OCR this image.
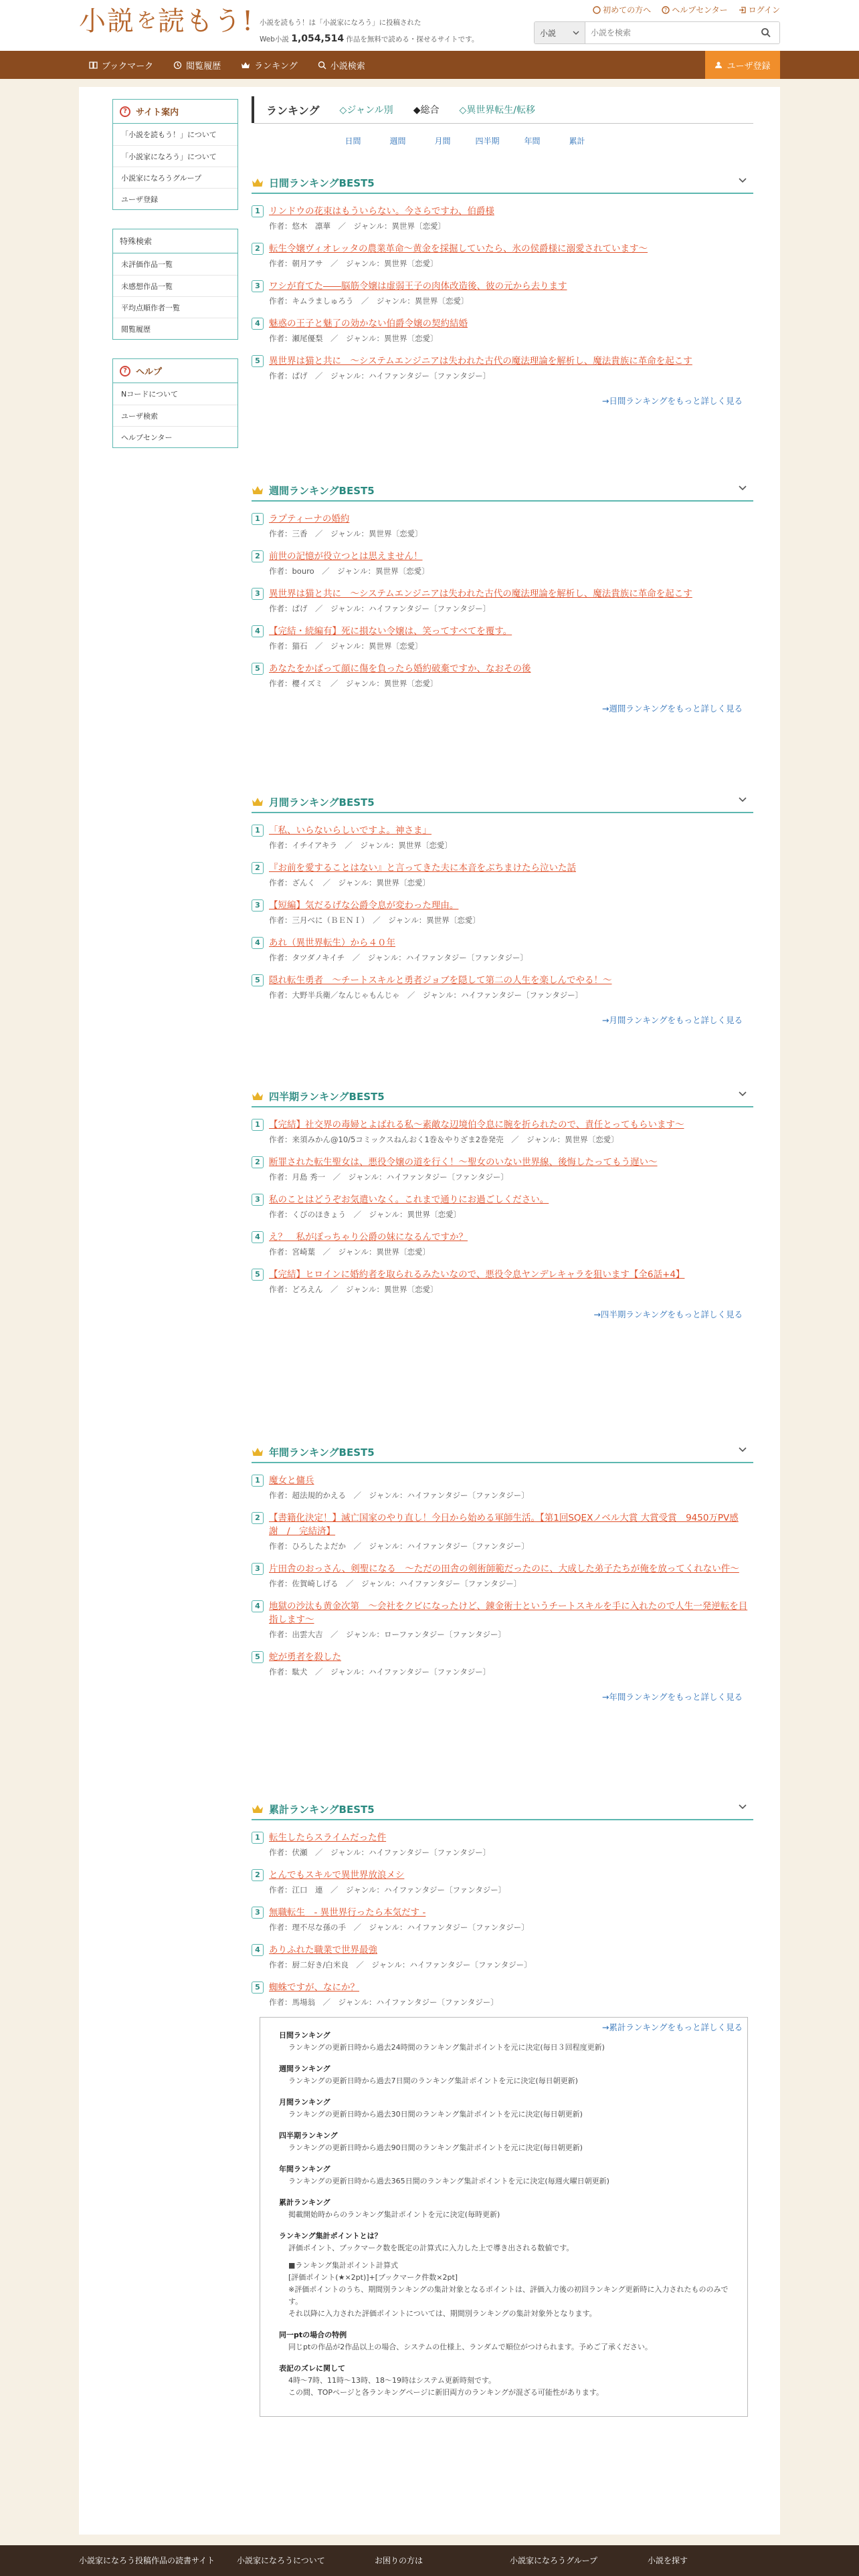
小説 を 読もう! 小説を読もう！は「小説家になろう」に投稿された
Web小説 1,054,514 作品を無料で読める・探せるサイトです。
初めての方へ ? ヘルプセンター	ログイン
小説
小説を検索
ブックマーク	閲覧履歴	ランキング	小説検索	ユーザ登録
?	サイト案内
「小説を読もう！」について
「小説家になろう」について
小説家になろうグループ
ユーザ登録
特殊検索
未評価作品一覧
未感想作品一覧
平均点順作者一覧
閲覧履歴
?	ヘルプ
Nコードについて
ユーザ検索
ヘルプセンター
ランキング ◇ジャンル別 ◆総合 ◇異世界転生/転移
日間	週間	月間	四半期	年間	累計
日間ランキングBEST5
1 リンドウの花束はもういらない。今さらですわ、伯爵様
作者：悠木　凛華　／　ジャンル：異世界〔恋愛〕
2 転生令嬢ヴィオレッタの農業革命～黄金を採掘していたら、氷の侯爵様に溺愛されています～
作者：朝月アサ　／　ジャンル：異世界〔恋愛〕
3 ワシが育てた――脳筋令嬢は虚弱王子の肉体改造後、彼の元から去ります
作者：キムラましゅろう　／　ジャンル：異世界〔恋愛〕
4 魅惑の王子と魅了の効かない伯爵令嬢の契約結婚
作者：瀬尾優梨　／　ジャンル：異世界〔恋愛〕
5 異世界は猫と共に　～システムエンジニアは失われた古代の魔法理論を解析し、魔法貴族に革命を起こす
作者：ぱげ　／　ジャンル：ハイファンタジー〔ファンタジー〕
→日間ランキングをもっと詳しく見る
週間ランキングBEST5
1 ラプティーナの婚約
作者：三香　／　ジャンル：異世界〔恋愛〕
2 前世の記憶が役立つとは思えません！
作者：bouro　／　ジャンル：異世界〔恋愛〕
3 異世界は猫と共に　～システムエンジニアは失われた古代の魔法理論を解析し、魔法貴族に革命を起こす
作者：ぱげ　／　ジャンル：ハイファンタジー〔ファンタジー〕
4 【完結・続編有】死に損ない令嬢は、笑ってすべてを覆す。
作者：猫石　／　ジャンル：異世界〔恋愛〕
5 あなたをかばって顔に傷を負ったら婚約破棄ですか、なおその後
作者：櫻イズミ　／　ジャンル：異世界〔恋愛〕
→週間ランキングをもっと詳しく見る
月間ランキングBEST5
1 「私、いらないらしいですよ。神さま」
作者：イチイアキラ　／　ジャンル：異世界〔恋愛〕
2 『お前を愛することはない』と言ってきた夫に本音をぶちまけたら泣いた話
作者：ざんく　／　ジャンル：異世界〔恋愛〕
3 【短編】気だるげな公爵令息が変わった理由。
作者：三月べに（ＢＥＮＩ）　／　ジャンル：異世界〔恋愛〕
4 あれ（異世界転生）から４０年
作者：タツダノキイチ　／　ジャンル：ハイファンタジー〔ファンタジー〕
5 隠れ転生勇者　～チートスキルと勇者ジョブを隠して第二の人生を楽しんでやる！～
作者：大野半兵衛／なんじゃもんじゃ　／　ジャンル：ハイファンタジー〔ファンタジー〕
→月間ランキングをもっと詳しく見る
四半期ランキングBEST5
1 【完結】社交界の毒婦とよばれる私～素敵な辺境伯令息に腕を折られたので、責任とってもらいます～
作者：来須みかん@10/5コミックスねんおく1巻＆やりざま2巻発売　／　ジャンル：異世界〔恋愛〕
2 断罪された転生聖女は、悪役令嬢の道を行く！～聖女のいない世界線、後悔したってもう遅い～
作者：月島 秀一　／　ジャンル：ハイファンタジー〔ファンタジー〕
3 私のことはどうぞお気遣いなく。これまで通りにお過ごしください。
作者：くびのほきょう　／　ジャンル：異世界〔恋愛〕
4 え？　私がぽっちゃり公爵の妹になるんですか？
作者：宮崎葉　／　ジャンル：異世界〔恋愛〕
5 【完結】ヒロインに婚約者を取られるみたいなので、悪役令息ヤンデレキャラを狙います【全6話+4】
作者：どろえん　／　ジャンル：異世界〔恋愛〕
→四半期ランキングをもっと詳しく見る
年間ランキングBEST5
1 魔女と傭兵
作者：超法規的かえる　／　ジャンル：ハイファンタジー〔ファンタジー〕
2 【書籍化決定！】滅亡国家のやり直し！今日から始める軍師生活。【第1回SQEXノベル大賞 大賞受賞　9450万PV感謝　/　完結済】
作者：ひろしたよだか　／　ジャンル：ハイファンタジー〔ファンタジー〕
3 片田舎のおっさん、剣聖になる　～ただの田舎の剣術師範だったのに、大成した弟子たちが俺を放ってくれない件～
作者：佐賀崎しげる　／　ジャンル：ハイファンタジー〔ファンタジー〕
4 地獄の沙汰も黄金次第　～会社をクビになったけど、錬金術士というチートスキルを手に入れたので人生一発逆転を目指します～
作者：出雲大吉　／　ジャンル：ローファンタジー〔ファンタジー〕
5 蛇が勇者を殺した
作者：駄犬　／　ジャンル：ハイファンタジー〔ファンタジー〕
→年間ランキングをもっと詳しく見る
累計ランキングBEST5
1 転生したらスライムだった件
作者：伏瀬　／　ジャンル：ハイファンタジー〔ファンタジー〕
2 とんでもスキルで異世界放浪メシ
作者：江口　連　／　ジャンル：ハイファンタジー〔ファンタジー〕
3 無職転生　- 異世界行ったら本気だす -
作者：理不尽な孫の手　／　ジャンル：ハイファンタジー〔ファンタジー〕
4 ありふれた職業で世界最強
作者：厨二好き/白米良　／　ジャンル：ハイファンタジー〔ファンタジー〕
5 蜘蛛ですが、なにか？
作者：馬場翁　／　ジャンル：ハイファンタジー〔ファンタジー〕
→累計ランキングをもっと詳しく見る
日間ランキング
ランキングの更新日時から過去24時間のランキング集計ポイントを元に決定(毎日３回程度更新)
週間ランキング
ランキングの更新日時から過去7日間のランキング集計ポイントを元に決定(毎日朝更新)
月間ランキング
ランキングの更新日時から過去30日間のランキング集計ポイントを元に決定(毎日朝更新)
四半期ランキング
ランキングの更新日時から過去90日間のランキング集計ポイントを元に決定(毎日朝更新)
年間ランキング
ランキングの更新日時から過去365日間のランキング集計ポイントを元に決定(毎週火曜日朝更新)
累計ランキング
掲載開始時からのランキング集計ポイントを元に決定(毎時更新)
ランキング集計ポイントとは？
評価ポイント、ブックマーク数を既定の計算式に入力した上で導き出される数値です。
■ランキング集計ポイント計算式
[評価ポイント(★×2pt)]+[ブックマーク件数×2pt]
※評価ポイントのうち、期間別ランキングの集計対象となるポイントは、評価入力後の初回ランキング更新時に入力されたもののみです。
それ以降に入力された評価ポイントについては、期間別ランキングの集計対象外となります。
同一ptの場合の特例
同じptの作品が2作品以上の場合、システムの仕様上、ランダムで順位がつけられます。予めご了承ください。
表記のズレに関して
4時〜7時、11時〜13時、18〜19時はシステム更新時刻です。
この間、TOPページと各ランキングページに新旧両方のランキングが混ざる可能性があります。
小説家になろう投稿作品の読書サイト	小説家になろうについて	お困りの方は	小説家になろうグループ	小説を探す
